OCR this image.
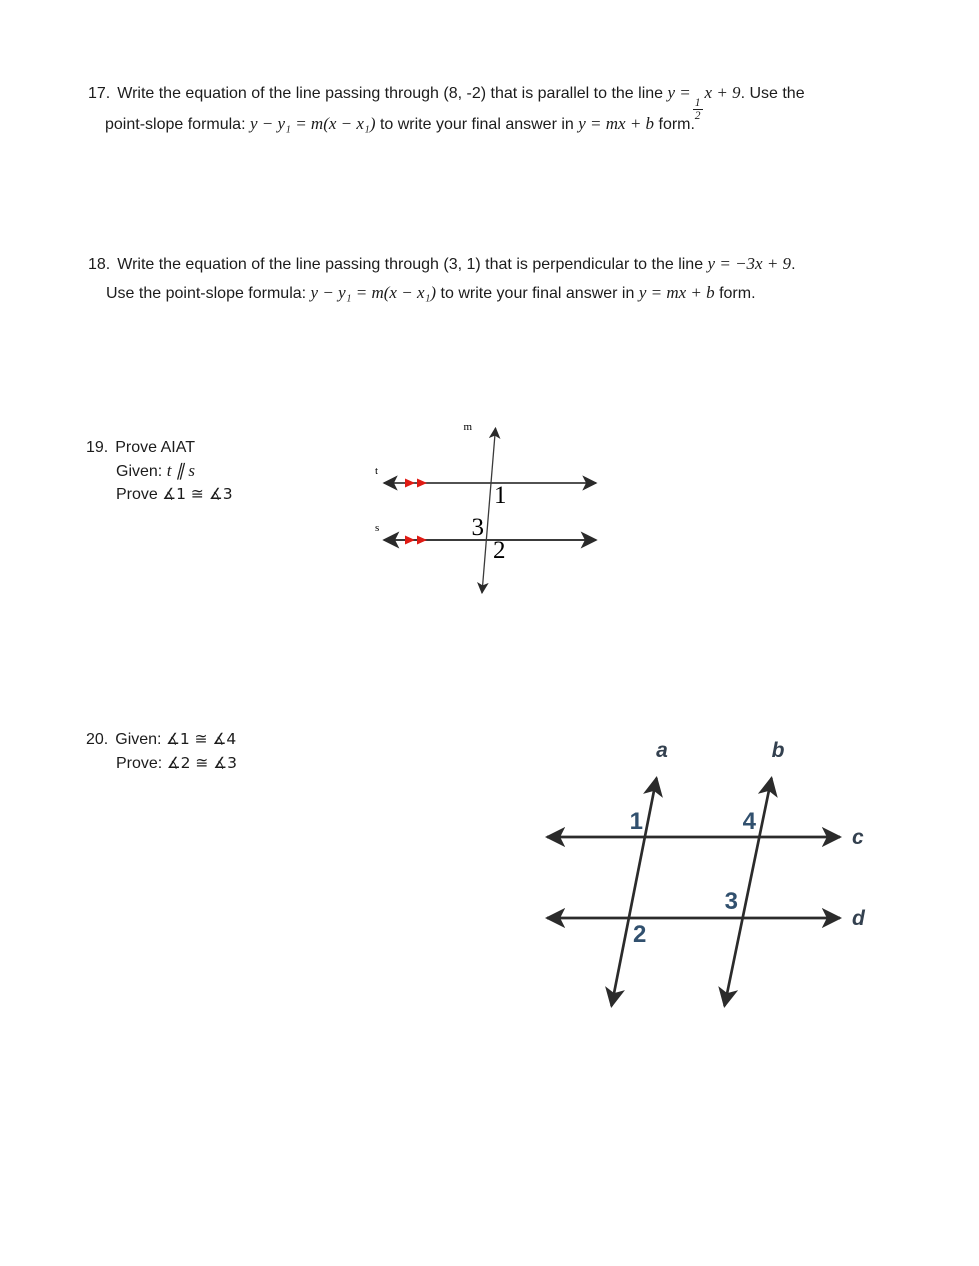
17. Write the equation of the line passing through (8, -2) that is parallel to the line y =
$\frac{1}{2}$
x + 9. Use the
point-slope formula: y − y₁ = m(x − x₁) to write your final answer in y = mx + b form.
18. Write the equation of the line passing through (3, 1) that is perpendicular to the line y = −3x + 9.
Use the point-slope formula: y − y₁ = m(x − x₁) to write your final answer in y = mx + b form.
19. Prove AIAT
Given: t ∥ s
Prove ∡1 ≅ ∡3
m
t
s
1
3
2
20. Given: ∡1 ≅ ∡4
Prove: ∡2 ≅ ∡3
a	b
c
d
1	4
3
2
